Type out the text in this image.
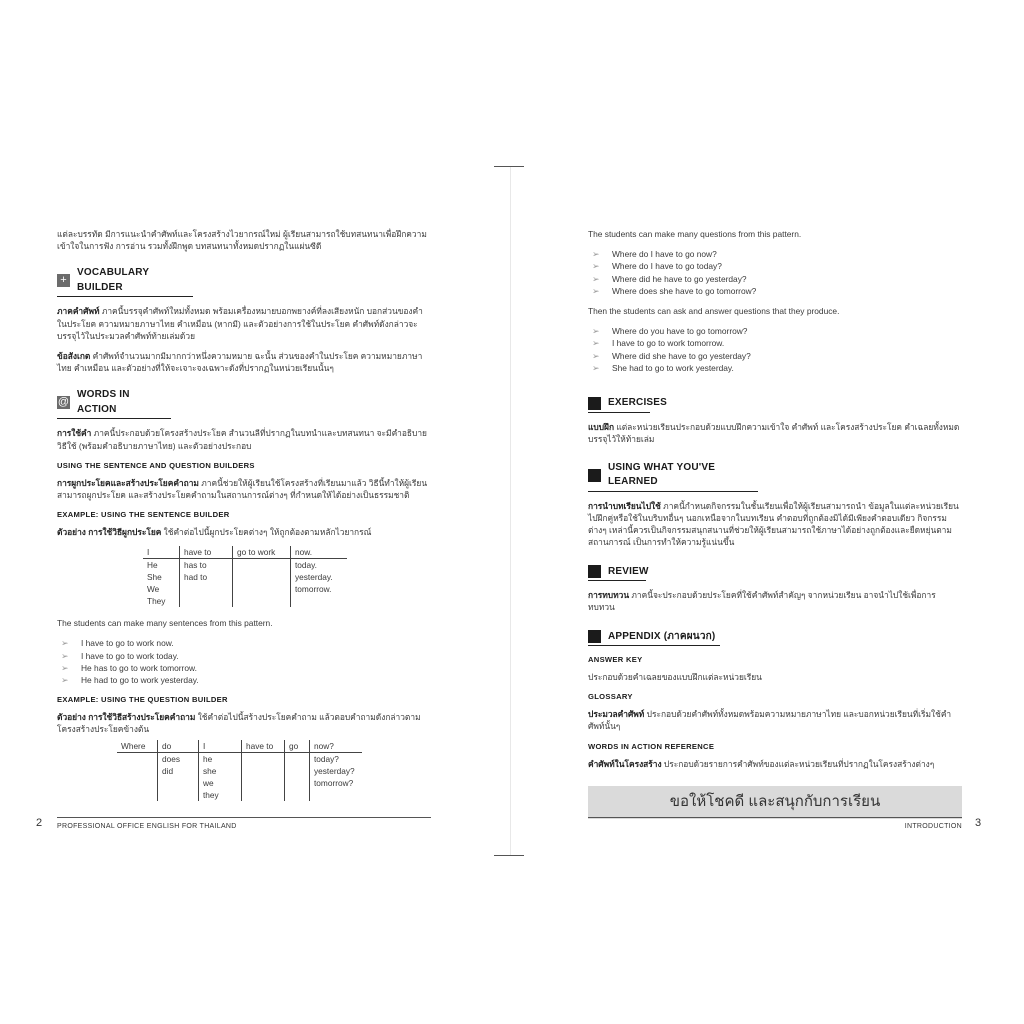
แต่ละบรรทัด มีการแนะนำคำศัพท์และโครงสร้างไวยากรณ์ใหม่ ผู้เรียนสามารถใช้บทสนทนาเพื่อฝึกความเข้าใจในการฟัง การอ่าน รวมทั้งฝึกพูด บทสนทนาทั้งหมดปรากฏในแผ่นซีดี

+
VOCABULARY BUILDER

ภาคคำศัพท์ ภาคนี้บรรจุคำศัพท์ใหม่ทั้งหมด พร้อมเครื่องหมายบอกพยางค์ที่ลงเสียงหนัก บอกส่วนของคำในประโยค ความหมายภาษาไทย คำเหมือน (หากมี) และตัวอย่างการใช้ในประโยค คำศัพท์ดังกล่าวจะบรรจุไว้ในประมวลคำศัพท์ท้ายเล่มด้วย

ข้อสังเกต คำศัพท์จำนวนมากมีมากกว่าหนึ่งความหมาย ฉะนั้น ส่วนของคำในประโยค ความหมายภาษาไทย คำเหมือน และตัวอย่างที่ให้จะเจาะจงเฉพาะดังที่ปรากฏในหน่วยเรียนนั้นๆ

@
WORDS IN ACTION

การใช้คำ ภาคนี้ประกอบด้วยโครงสร้างประโยค สำนวนลีที่ปรากฏในบทนำและบทสนทนา จะมีคำอธิบายวิธีใช้ (พร้อมคำอธิบายภาษาไทย) และตัวอย่างประกอบ

USING THE SENTENCE AND QUESTION BUILDERS

การผูกประโยคและสร้างประโยคคำถาม ภาคนี้ช่วยให้ผู้เรียนใช้โครงสร้างที่เรียนมาแล้ว วิธีนี้ทำให้ผู้เรียนสามารถผูกประโยค และสร้างประโยคคำถามในสถานการณ์ต่างๆ ที่กำหนดให้ได้อย่างเป็นธรรมชาติ

EXAMPLE: USING THE SENTENCE BUILDER

ตัวอย่าง การใช้วิธีผูกประโยค ใช้คำต่อไปนี้ผูกประโยคต่างๆ ให้ถูกต้องตามหลักไวยากรณ์

I	have to	go to work	now.
He	has to		today.
She	had to		yesterday.
We			tomorrow.
They			

The students can make many sentences from this pattern.

➢ I have to go to work now.
➢ I have to go to work today.
➢ He has to go to work tomorrow.
➢ He had to go to work yesterday.
EXAMPLE: USING THE QUESTION BUILDER

ตัวอย่าง การใช้วิธีสร้างประโยคคำถาม ใช้คำต่อไปนี้สร้างประโยคคำถาม แล้วตอบคำถามดังกล่าวตามโครงสร้างประโยคข้างต้น

Where	do	I	have to	go	now?
	does	he			today?
	did	she			yesterday?
		we			tomorrow?
		they			
2 PROFESSIONAL OFFICE ENGLISH FOR THAILAND

The students can make many questions from this pattern.

➢ Where do I have to go now?
➢ Where do I have to go today?
➢ Where did he have to go yesterday?
➢ Where does she have to go tomorrow?

Then the students can ask and answer questions that they produce.

➢ Where do you have to go tomorrow?
➢ I have to go to work tomorrow.
➢ Where did she have to go yesterday?
➢ She had to go to work yesterday.
EXERCISES

แบบฝึก แต่ละหน่วยเรียนประกอบด้วยแบบฝึกความเข้าใจ คำศัพท์ และโครงสร้างประโยค คำเฉลยทั้งหมดบรรจุไว้ให้ท้ายเล่ม

USING WHAT YOU'VE LEARNED

การนำบทเรียนไปใช้ ภาคนี้กำหนดกิจกรรมในชั้นเรียนเพื่อให้ผู้เรียนสามารถนำ ข้อมูลในแต่ละหน่วยเรียนไปฝึกคู่หรือใช้ในบริบทอื่นๆ นอกเหนือจากในบทเรียน คำตอบที่ถูกต้องมิได้มีเพียงคำตอบเดียว กิจกรรมต่างๆ เหล่านี้ควรเป็นกิจกรรมสนุกสนานที่ช่วยให้ผู้เรียนสามารถใช้ภาษาได้อย่างถูกต้องและยืดหยุ่นตามสถานการณ์ เป็นการทำให้ความรู้แน่นขึ้น

REVIEW

การทบทวน ภาคนี้จะประกอบด้วยประโยคที่ใช้คำศัพท์สำคัญๆ จากหน่วยเรียน อาจนำไปใช้เพื่อการทบทวน

APPENDIX (ภาคผนวก)
ANSWER KEY

ประกอบด้วยคำเฉลยของแบบฝึกแต่ละหน่วยเรียน

GLOSSARY

ประมวลคำศัพท์ ประกอบด้วยคำศัพท์ทั้งหมดพร้อมความหมายภาษาไทย และบอกหน่วยเรียนที่เริ่มใช้คำศัพท์นั้นๆ

WORDS IN ACTION REFERENCE

คำศัพท์ในโครงสร้าง ประกอบด้วยรายการคำศัพท์ของแต่ละหน่วยเรียนที่ปรากฏในโครงสร้างต่างๆ

ขอให้โชคดี และสนุกกับการเรียน
INTRODUCTION 3
